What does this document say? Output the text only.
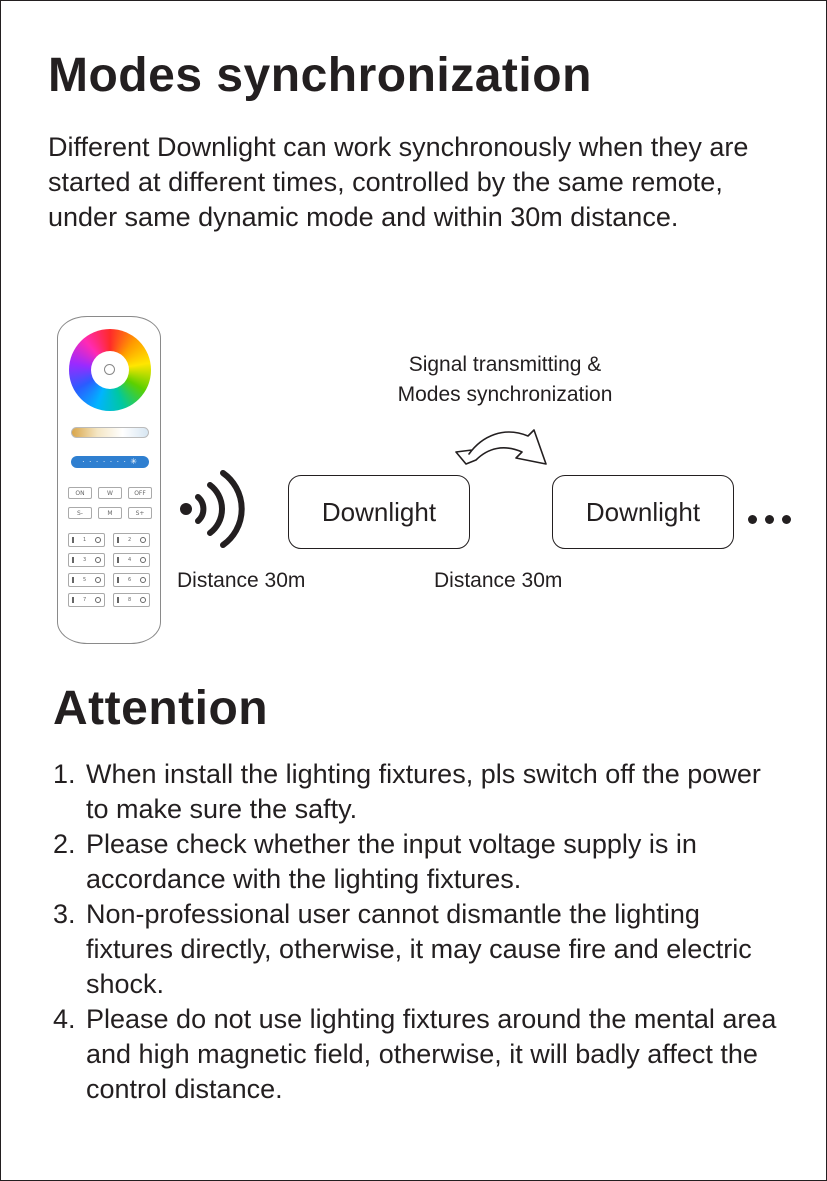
Modes synchronization

Different Downlight can work synchronously when they are started at different times, controlled by the same remote, under same dynamic mode and within 30m distance.

· · · · · · · ✳
ON	W	OFF
S-	M	S+
1	2
3	4
5	6
7	8
Signal transmitting &
Modes synchronization
Downlight	Downlight
Distance 30m	Distance 30m
Attention
1. When install the lighting fixtures, pls switch off the power to make sure the safty.
2. Please check whether the input voltage supply is in accordance with the lighting fixtures.
3. Non-professional user cannot dismantle the lighting fixtures directly, otherwise, it may cause fire and electric shock.
4. Please do not use lighting fixtures around the mental area and high magnetic field, otherwise, it will badly affect the control distance.
